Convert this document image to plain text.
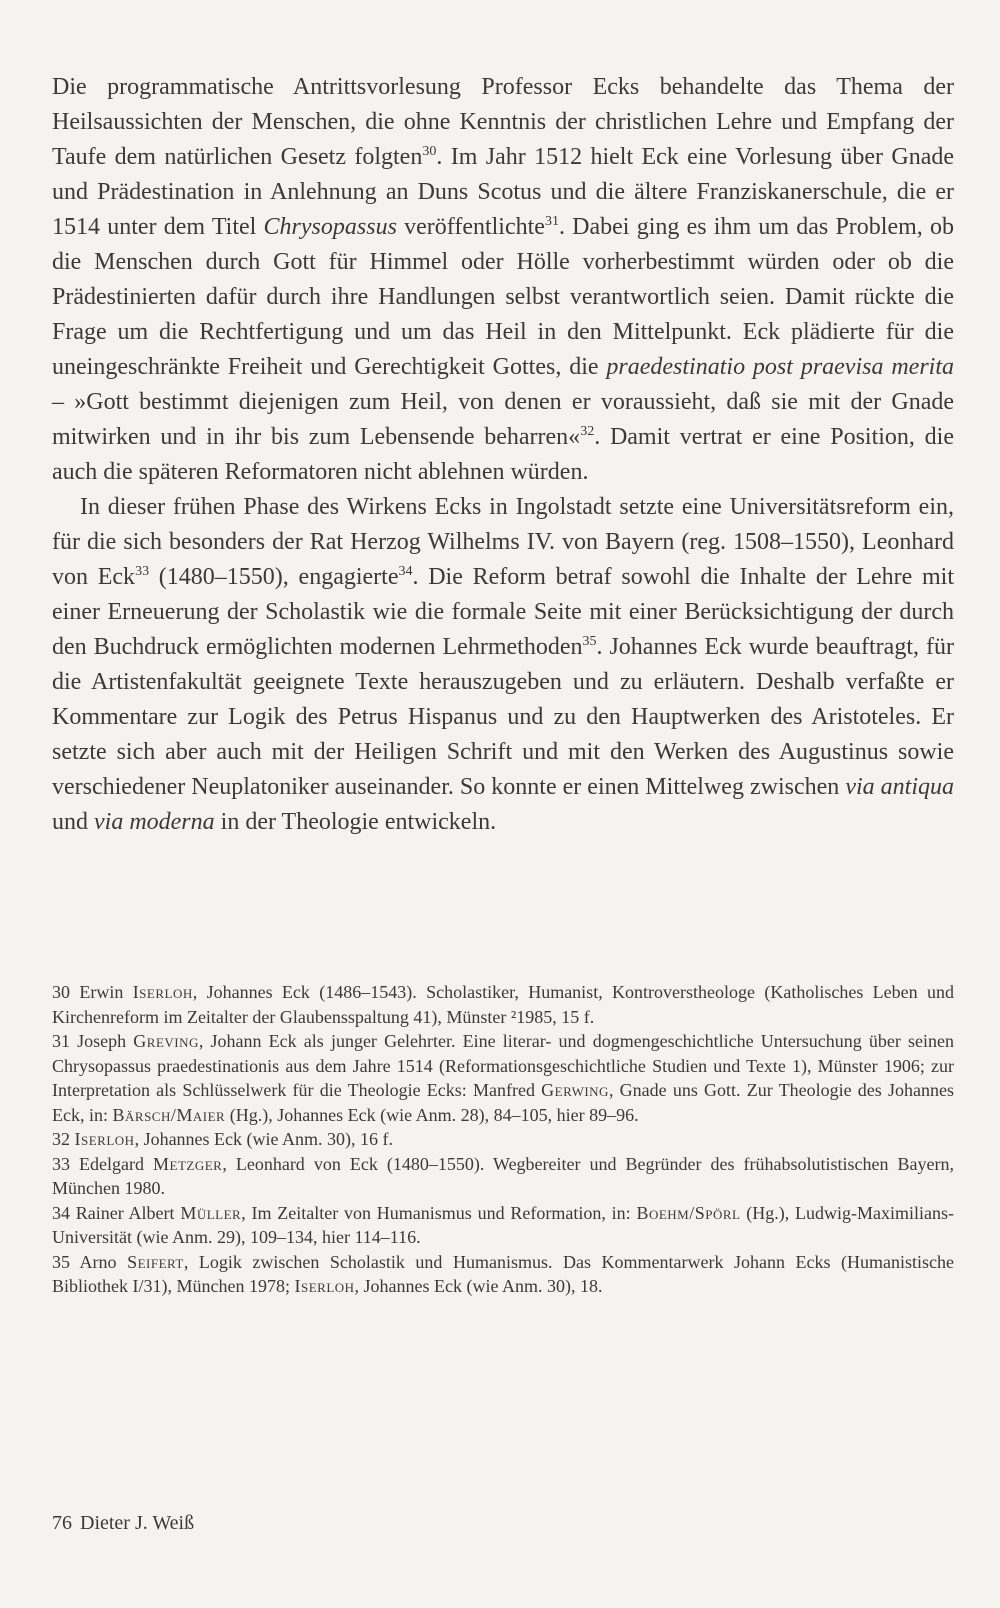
Die programmatische Antrittsvorlesung Professor Ecks behandelte das Thema der Heilsaussichten der Menschen, die ohne Kenntnis der christlichen Lehre und Empfang der Taufe dem natürlichen Gesetz folgten$^{30}$. Im Jahr 1512 hielt Eck eine Vorlesung über Gnade und Prädestination in Anlehnung an Duns Scotus und die ältere Franziskanerschule, die er 1514 unter dem Titel Chrysopassus veröffentlichte$^{31}$. Dabei ging es ihm um das Problem, ob die Menschen durch Gott für Himmel oder Hölle vorherbestimmt würden oder ob die Prädestinierten dafür durch ihre Handlungen selbst verantwortlich seien. Damit rückte die Frage um die Rechtfertigung und um das Heil in den Mittelpunkt. Eck plädierte für die uneingeschränkte Freiheit und Gerechtigkeit Gottes, die praedestinatio post praevisa merita – »Gott bestimmt diejenigen zum Heil, von denen er voraussieht, daß sie mit der Gnade mitwirken und in ihr bis zum Lebensende beharren«$^{32}$. Damit vertrat er eine Position, die auch die späteren Reformatoren nicht ablehnen würden.

In dieser frühen Phase des Wirkens Ecks in Ingolstadt setzte eine Universitätsreform ein, für die sich besonders der Rat Herzog Wilhelms IV. von Bayern (reg. 1508–1550), Leonhard von Eck$^{33}$ (1480–1550), engagierte$^{34}$. Die Reform betraf sowohl die Inhalte der Lehre mit einer Erneuerung der Scholastik wie die formale Seite mit einer Berücksichtigung der durch den Buchdruck ermöglichten modernen Lehrmethoden$^{35}$. Johannes Eck wurde beauftragt, für die Artistenfakultät geeignete Texte herauszugeben und zu erläutern. Deshalb verfaßte er Kommentare zur Logik des Petrus Hispanus und zu den Hauptwerken des Aristoteles. Er setzte sich aber auch mit der Heiligen Schrift und mit den Werken des Augustinus sowie verschiedener Neuplatoniker auseinander. So konnte er einen Mittelweg zwischen via antiqua und via moderna in der Theologie entwickeln.

30 Erwin Iserloh, Johannes Eck (1486–1543). Scholastiker, Humanist, Kontroverstheologe (Katholisches Leben und Kirchenreform im Zeitalter der Glaubensspaltung 41), Münster ²1985, 15 f.

31 Joseph Greving, Johann Eck als junger Gelehrter. Eine literar- und dogmengeschichtliche Untersuchung über seinen Chrysopassus praedestinationis aus dem Jahre 1514 (Reformationsgeschichtliche Studien und Texte 1), Münster 1906; zur Interpretation als Schlüsselwerk für die Theologie Ecks: Manfred Gerwing, Gnade uns Gott. Zur Theologie des Johannes Eck, in: Bärsch/Maier (Hg.), Johannes Eck (wie Anm. 28), 84–105, hier 89–96.

32 Iserloh, Johannes Eck (wie Anm. 30), 16 f.

33 Edelgard Metzger, Leonhard von Eck (1480–1550). Wegbereiter und Begründer des frühabsolutistischen Bayern, München 1980.

34 Rainer Albert Müller, Im Zeitalter von Humanismus und Reformation, in: Boehm/Spörl (Hg.), Ludwig-Maximilians-Universität (wie Anm. 29), 109–134, hier 114–116.

35 Arno Seifert, Logik zwischen Scholastik und Humanismus. Das Kommentarwerk Johann Ecks (Humanistische Bibliothek I/31), München 1978; Iserloh, Johannes Eck (wie Anm. 30), 18.

76 Dieter J. Weiß
